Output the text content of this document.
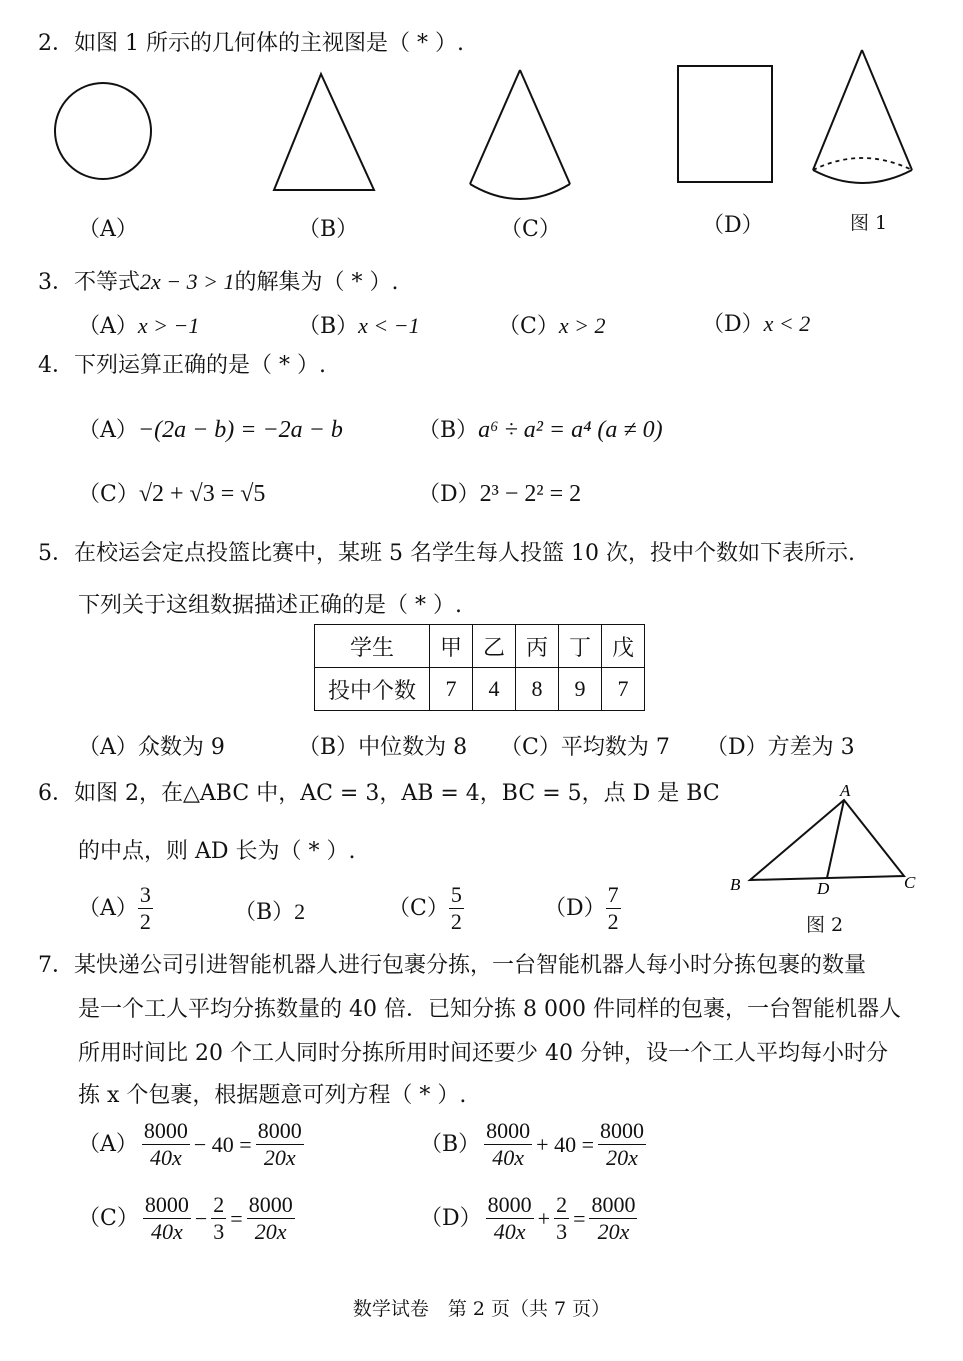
2．如图 1 所示的几何体的主视图是（ * ）.
（A）	（B）	（C）	（D）	图 1
3．不等式2x − 3 > 1的解集为（ * ）.
（A）x > −1	（B）x < −1	（C）x > 2	（D）x < 2
4．下列运算正确的是（ * ）.
（A）−(2a − b) = −2a − b	（B）a⁶ ÷ a² = a⁴ (a ≠ 0)
（C）√2 + √3 = √5	（D）2³ − 2² = 2
5．在校运会定点投篮比赛中，某班 5 名学生每人投篮 10 次，投中个数如下表所示.
下列关于这组数据描述正确的是（ * ）.
学生	甲	乙	丙	丁	戊
投中个数	7	4	8	9	7
（A）众数为 9	（B）中位数为 8 （C）平均数为 7 （D）方差为 3
6．如图 2，在△ABC 中，AC = 3，AB = 4，BC = 5，点 D 是 BC
的中点，则 AD 长为（ * ）.
A
B	C
D
图 2
$(A) \frac{3}{2}$	（B）2	$(C) \frac{5}{2}$	$(D) \frac{7}{2}$
7．某快递公司引进智能机器人进行包裹分拣，一台智能机器人每小时分拣包裹的数量
是一个工人平均分拣数量的 40 倍．已知分拣 8 000 件同样的包裹，一台智能机器人
所用时间比 20 个工人同时分拣所用时间还要少 40 分钟，设一个工人平均每小时分
拣 x 个包裹，根据题意可列方程（ * ）.
$(A) \frac{8000}{40x} - 40 = \frac{8000}{20x}$	$(B) \frac{8000}{40x} + 40 = \frac{8000}{20x}$
$(C) \frac{8000}{40x} - \frac{2}{3} = \frac{8000}{20x}$	$(D) \frac{8000}{40x} + \frac{2}{3} = \frac{8000}{20x}$
数学试卷　第 2 页（共 7 页）
